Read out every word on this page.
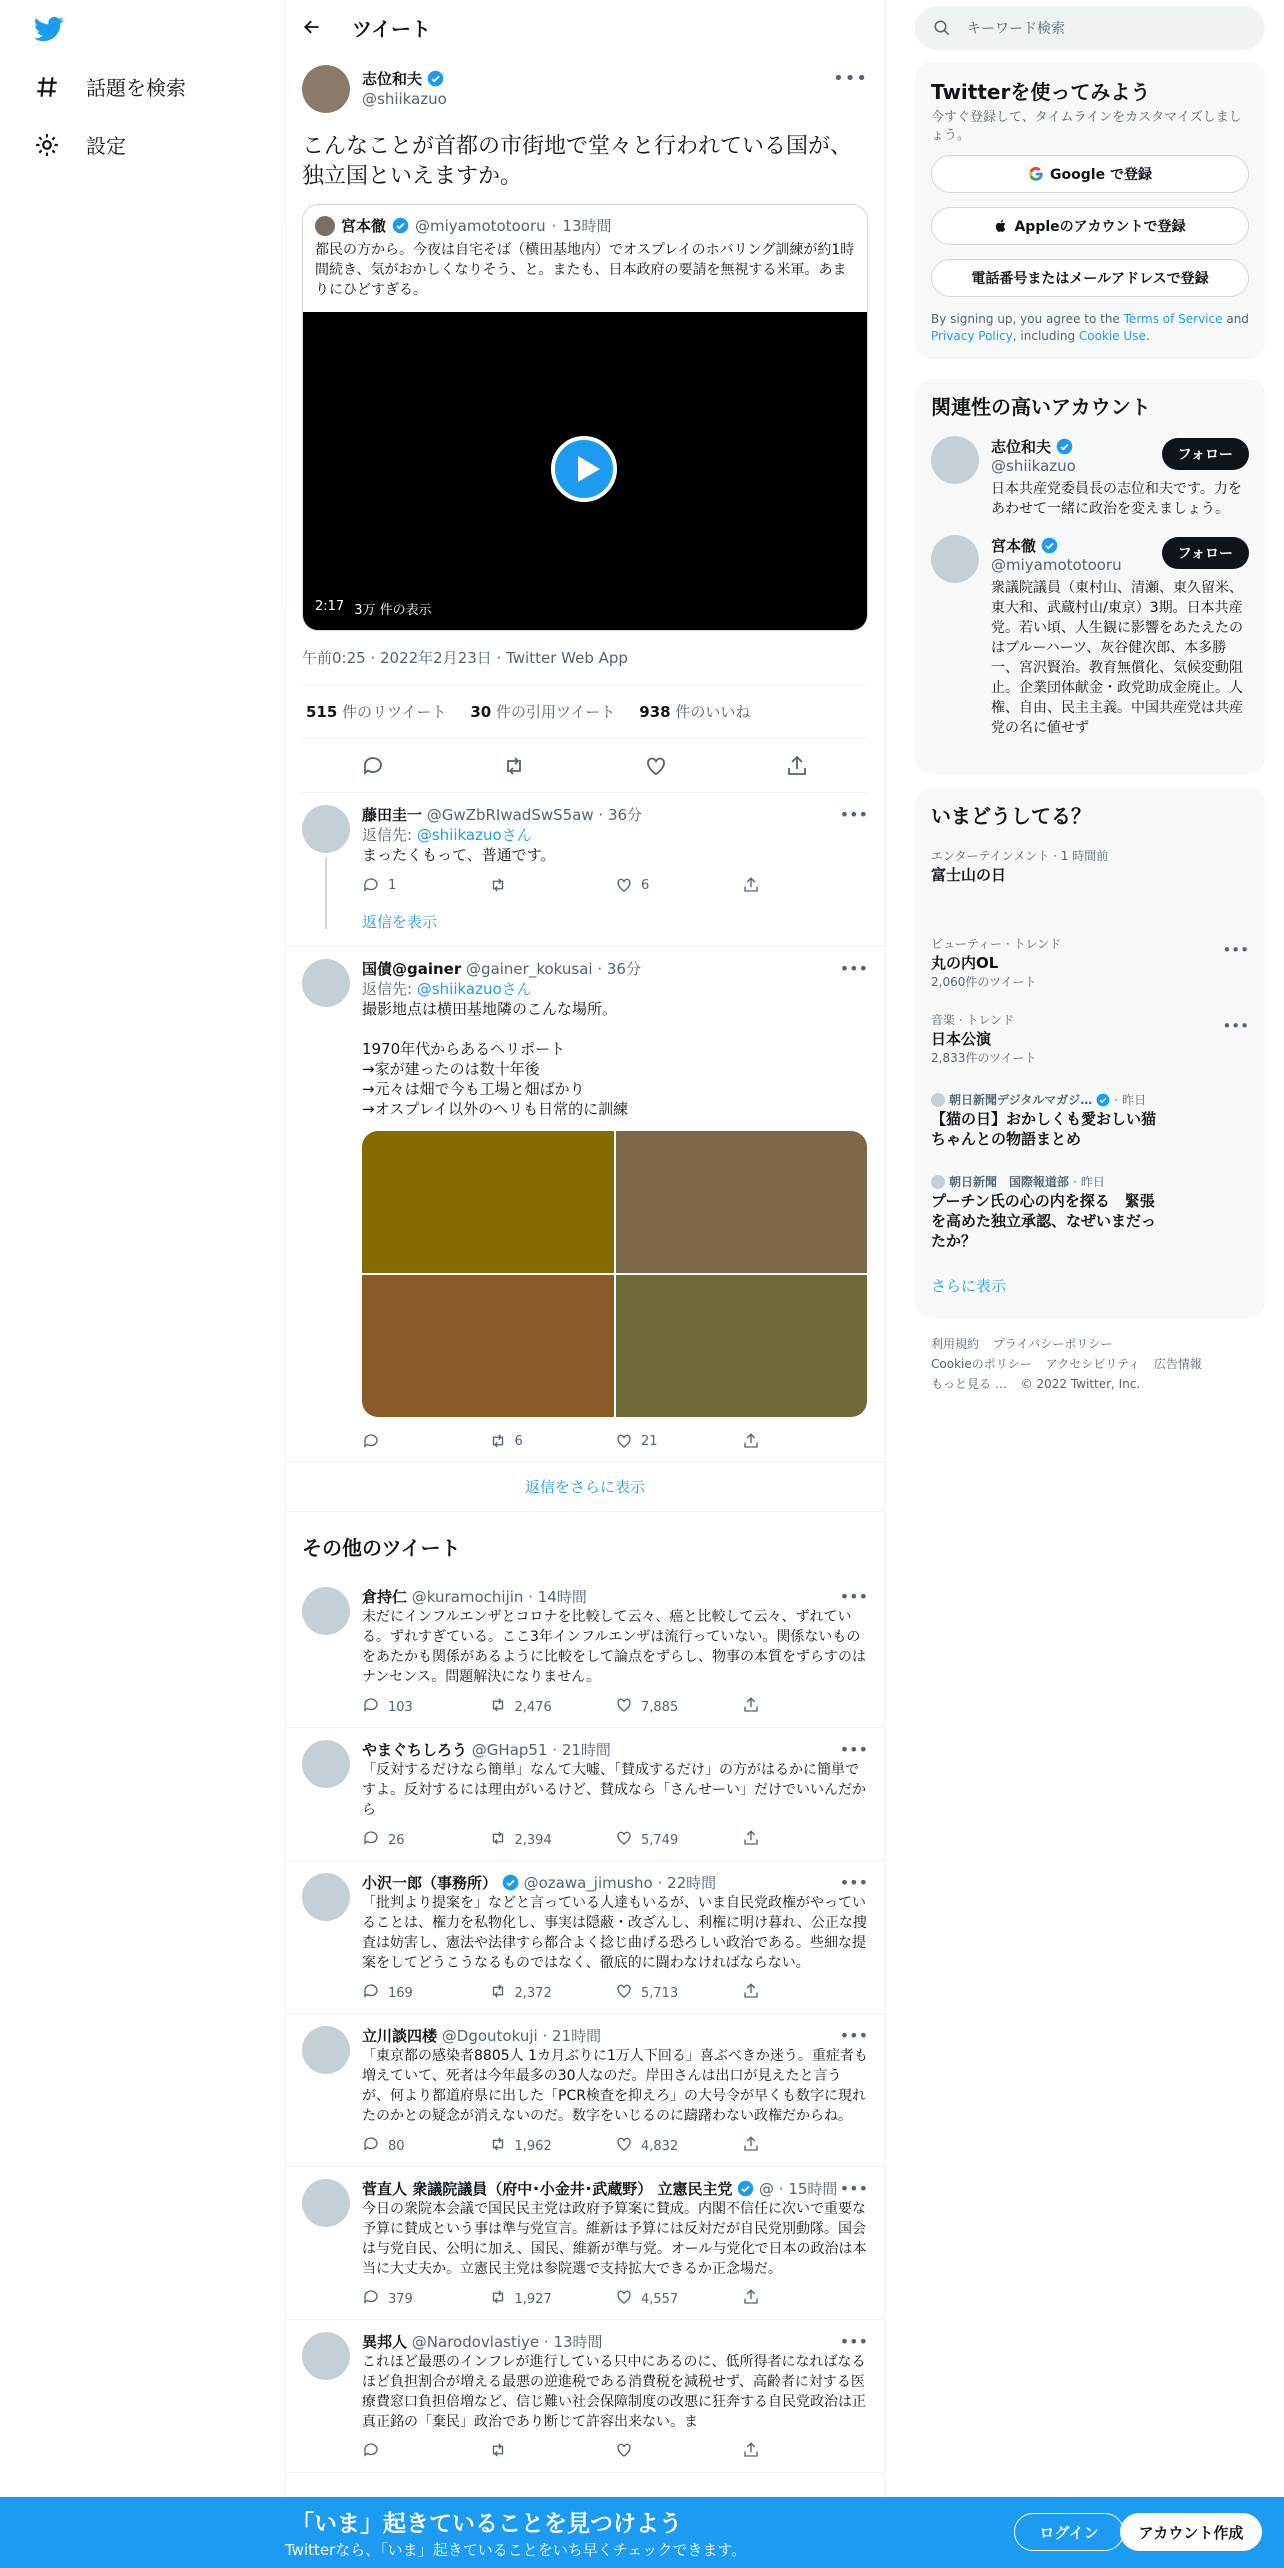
話題を検索
設定
ツイート
志位和夫
@shiikazuo
•••
こんなことが首都の市街地で堂々と行われている国が、独立国といえますか。
宮本徹 @miyamototooru · 13時間
都民の方から。今夜は自宅そば（横田基地内）でオスプレイのホバリング訓練が約1時間続き、気がおかしくなりそう、と。またも、日本政府の要請を無視する米軍。あまりにひどすぎる。
2:17 3万 件の表示
午前0:25 · 2022年2月23日 · Twitter Web App
515 件のリツイート 30 件の引用ツイート 938 件のいいね
藤田圭一 @GwZbRIwadSwS5aw · 36分
返信先: @shiikazuoさん
まったくもって、普通です。
1	6
返信を表示
•••
国債@gainer @gainer_kokusai · 36分
返信先: @shiikazuoさん
撮影地点は横田基地隣のこんな場所。

1970年代からあるヘリポート
→家が建ったのは数十年後
→元々は畑で今も工場と畑ばかり
→オスプレイ以外のヘリも日常的に訓練
6	21
•••
返信をさらに表示
その他のツイート
倉持仁 @kuramochijin · 14時間
未だにインフルエンザとコロナを比較して云々、癌と比較して云々、ずれている。ずれすぎている。ここ3年インフルエンザは流行っていない。関係ないものをあたかも関係があるように比較をして論点をずらし、物事の本質をずらすのはナンセンス。問題解決になりません。
103	2,476	7,885
•••
やまぐちしろう @GHap51 · 21時間
「反対するだけなら簡単」なんて大嘘、「賛成するだけ」の方がはるかに簡単ですよ。反対するには理由がいるけど、賛成なら「さんせーい」だけでいいんだから
26	2,394	5,749
•••
小沢一郎（事務所） @ozawa_jimusho · 22時間
「批判より提案を」などと言っている人達もいるが、いま自民党政権がやっていることは、権力を私物化し、事実は隠蔽・改ざんし、利権に明け暮れ、公正な捜査は妨害し、憲法や法律すら都合よく捻じ曲げる恐ろしい政治である。些細な提案をしてどうこうなるものではなく、徹底的に闘わなければならない。
169	2,372	5,713
•••
立川談四楼 @Dgoutokuji · 21時間
「東京都の感染者8805人 1カ月ぶりに1万人下回る」喜ぶべきか迷う。重症者も増えていて、死者は今年最多の30人なのだ。岸田さんは出口が見えたと言うが、何より都道府県に出した「PCR検査を抑えろ」の大号令が早くも数字に現れたのかとの疑念が消えないのだ。数字をいじるのに躊躇わない政権だからね。
80	1,962	4,832
•••
菅直人 衆議院議員（府中･小金井･武蔵野） 立憲民主党 @ · 15時間
今日の衆院本会議で国民民主党は政府予算案に賛成。内閣不信任に次いで重要な予算に賛成という事は準与党宣言。維新は予算には反対だが自民党別動隊。国会は与党自民、公明に加え、国民、維新が準与党。オール与党化で日本の政治は本当に大丈夫か。立憲民主党は参院選で支持拡大できるか正念場だ。
379	1,927	4,557
•••
異邦人 @Narodovlastiye · 13時間
これほど最悪のインフレが進行している只中にあるのに、低所得者になればなるほど負担割合が増える最悪の逆進税である消費税を減税せず、高齢者に対する医療費窓口負担倍増など、信じ難い社会保障制度の改悪に狂奔する自民党政治は正真正銘の「棄民」政治であり断じて許容出来ない。ま
•••
キーワード検索
Twitterを使ってみよう
今すぐ登録して、タイムラインをカスタマイズしましょう。
Google で登録
Appleのアカウントで登録
電話番号またはメールアドレスで登録
By signing up, you agree to the Terms of Service and Privacy Policy, including Cookie Use.
関連性の高いアカウント
志位和夫
@shiikazuo
日本共産党委員長の志位和夫です。力をあわせて一緒に政治を変えましょう。
フォロー
宮本徹
@miyamototooru
衆議院議員（東村山、清瀬、東久留米、東大和、武蔵村山/東京）3期。日本共産党。若い頃、人生観に影響をあたえたのはブルーハーツ、灰谷健次郎、本多勝一、宮沢賢治。教育無償化、気候変動阻止。企業団体献金・政党助成金廃止。人権、自由、民主主義。中国共産党は共産党の名に値せず
フォロー
いまどうしてる？
エンターテインメント · 1 時間前
富士山の日
ビューティー · トレンド
丸の内OL
2,060件のツイート
•••
音楽 · トレンド
日本公演
2,833件のツイート
•••
朝日新聞デジタルマガジ… · 昨日
【猫の日】おかしくも愛おしい猫ちゃんとの物語まとめ
朝日新聞　国際報道部 · 昨日
プーチン氏の心の内を探る　緊張を高めた独立承認、なぜいまだったか？
さらに表示
利用規約 プライバシーポリシー
Cookieのポリシー アクセシビリティ 広告情報
もっと見る … © 2022 Twitter, Inc.
「いま」起きていることを見つけよう
Twitterなら、「いま」起きていることをいち早くチェックできます。
ログイン	アカウント作成
